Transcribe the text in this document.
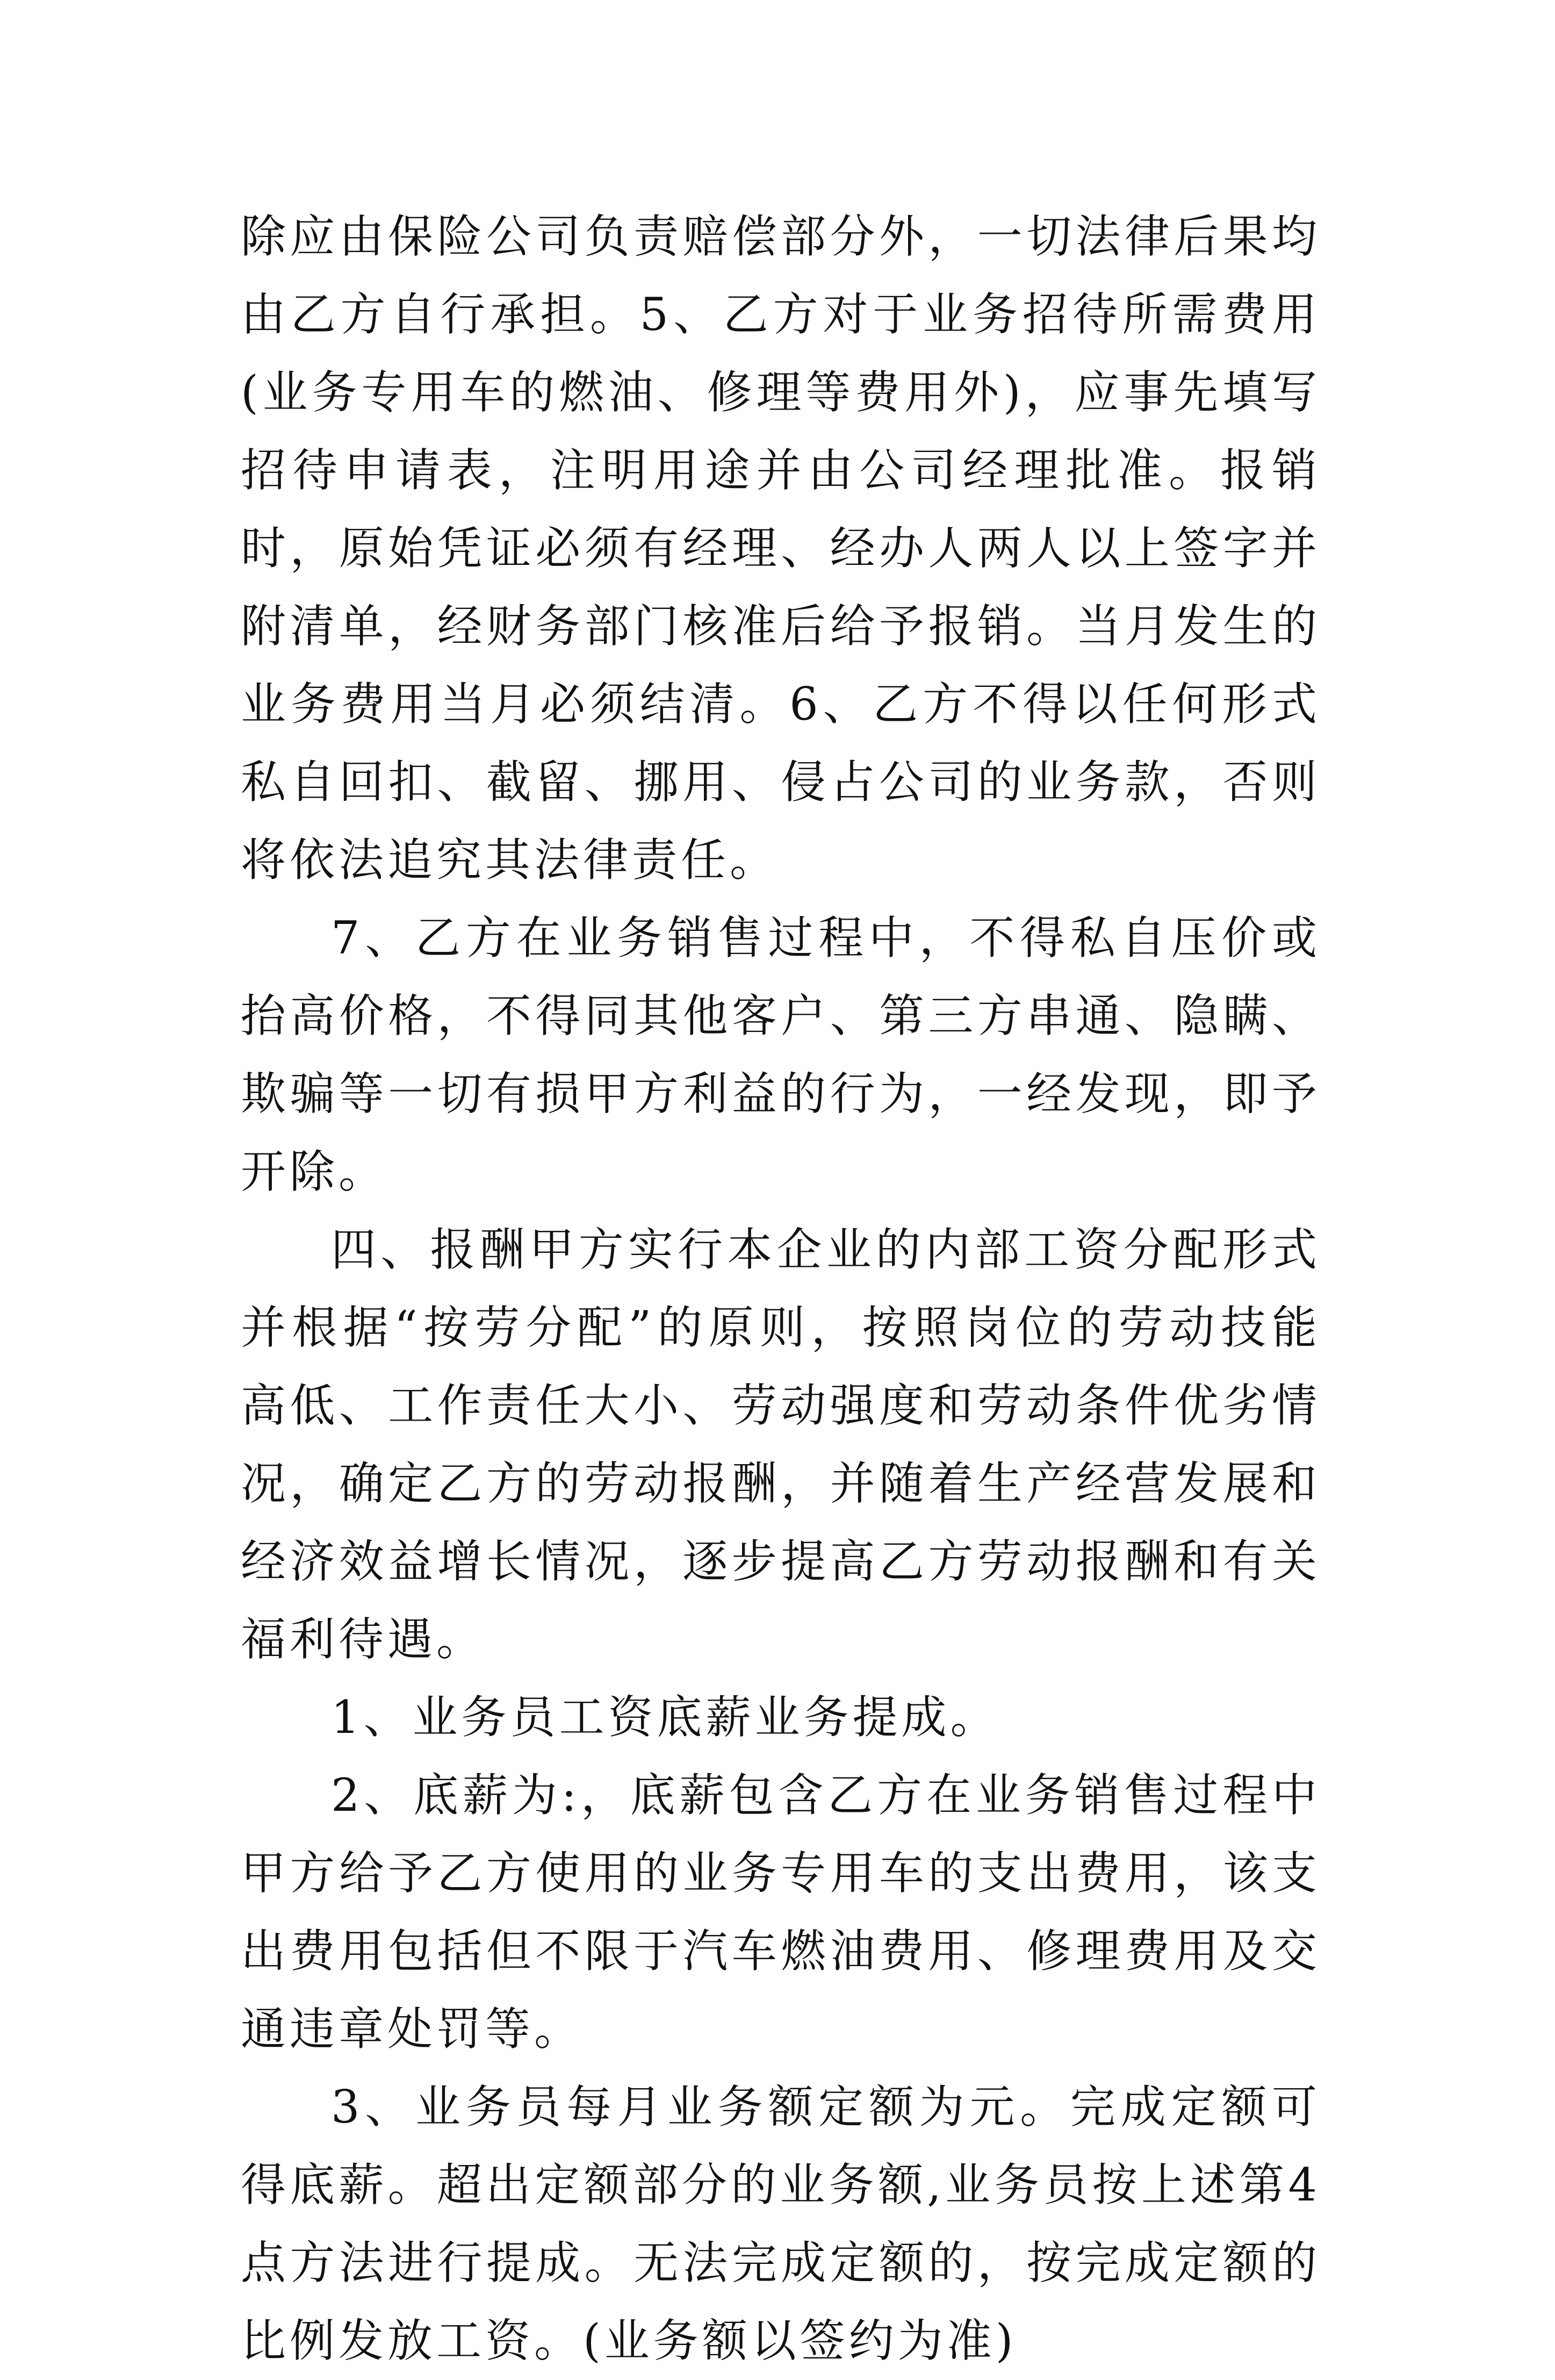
除应由保险公司负责赔偿部分外，一切法律后果均由乙方自行承担。5、乙方对于业务招待所需费用(业务专用车的燃油、修理等费用外)，应事先填写招待申请表，注明用途并由公司经理批准。报销时，原始凭证必须有经理、经办人两人以上签字并附清单，经财务部门核准后给予报销。当月发生的业务费用当月必须结清。6、乙方不得以任何形式私自回扣、截留、挪用、侵占公司的业务款，否则将依法追究其法律责任。

7、乙方在业务销售过程中，不得私自压价或抬高价格，不得同其他客户、第三方串通、隐瞒、欺骗等一切有损甲方利益的行为，一经发现，即予开除。

四、报酬甲方实行本企业的内部工资分配形式并根据“按劳分配”的原则，按照岗位的劳动技能高低、工作责任大小、劳动强度和劳动条件优劣情况，确定乙方的劳动报酬，并随着生产经营发展和经济效益增长情况，逐步提高乙方劳动报酬和有关福利待遇。

1、业务员工资底薪业务提成。

2、底薪为:，底薪包含乙方在业务销售过程中甲方给予乙方使用的业务专用车的支出费用，该支出费用包括但不限于汽车燃油费用、修理费用及交通违章处罚等。

3、业务员每月业务额定额为元。完成定额可得底薪。超出定额部分的业务额,业务员按上述第4点方法进行提成。无法完成定额的，按完成定额的比例发放工资。(业务额以签约为准)
